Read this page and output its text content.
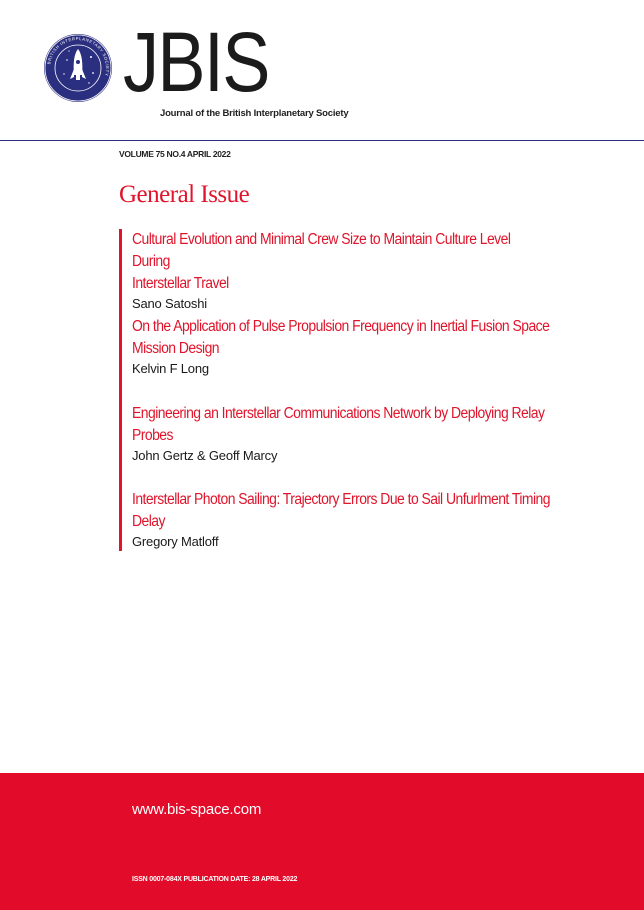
BRITISH INTERPLANETARY SOCIETY JBIS
Journal of the British Interplanetary Society
VOLUME 75 NO.4 APRIL 2022
General Issue
Cultural Evolution and Minimal Crew Size to Maintain Culture Level During
Interstellar Travel
Sano Satoshi
On the Application of Pulse Propulsion Frequency in Inertial Fusion Space
Mission Design
Kelvin F Long
Engineering an Interstellar Communications Network by Deploying Relay
Probes
John Gertz & Geoff Marcy
Interstellar Photon Sailing: Trajectory Errors Due to Sail Unfurlment Timing
Delay
Gregory Matloff
www.bis-space.com
ISSN 0007-084X PUBLICATION DATE: 28 APRIL 2022
